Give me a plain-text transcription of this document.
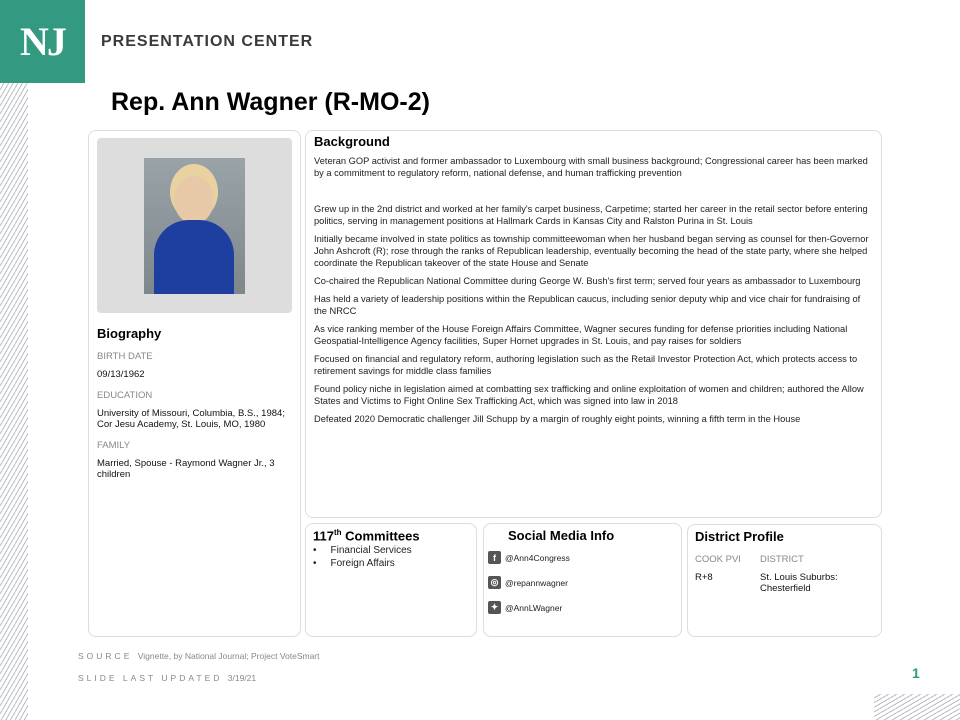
NJ	PRESENTATION CENTER
Rep. Ann Wagner (R-MO-2)
Biography
BIRTH DATE
09/13/1962
EDUCATION
University of Missouri, Columbia, B.S., 1984; Cor Jesu Academy, St. Louis, MO, 1980
FAMILY
Married, Spouse - Raymond Wagner Jr., 3 children
Background

Veteran GOP activist and former ambassador to Luxembourg with small business background; Congressional career has been marked by a commitment to regulatory reform, national defense, and human trafficking prevention

Grew up in the 2nd district and worked at her family's carpet business, Carpetime; started her career in the retail sector before entering politics, serving in management positions at Hallmark Cards in Kansas City and Ralston Purina in St. Louis

Initially became involved in state politics as township committeewoman when her husband began serving as counsel for then-Governor John Ashcroft (R); rose through the ranks of Republican leadership, eventually becoming the head of the state party, where she helped coordinate the Republican takeover of the state House and Senate

Co-chaired the Republican National Committee during George W. Bush's first term; served four years as ambassador to Luxembourg

Has held a variety of leadership positions within the Republican caucus, including senior deputy whip and vice chair for fundraising of the NRCC

As vice ranking member of the House Foreign Affairs Committee, Wagner secures funding for defense priorities including National Geospatial-Intelligence Agency facilities, Super Hornet upgrades in St. Louis, and pay raises for soldiers

Focused on financial and regulatory reform, authoring legislation such as the Retail Investor Protection Act, which protects access to retirement savings for middle class families

Found policy niche in legislation aimed at combatting sex trafficking and online exploitation of women and children; authored the Allow States and Victims to Fight Online Sex Trafficking Act, which was signed into law in 2018

Defeated 2020 Democratic challenger Jill Schupp by a margin of roughly eight points, winning a fifth term in the House

117th Committees
• Financial Services
• Foreign Affairs
Social Media Info
f	@Ann4Congress
◎ @repannwagner
✦ @AnnLWagner
District Profile
COOK PVI
R+8
DISTRICT
St. Louis Suburbs: Chesterfield
SOURCE Vignette, by National Journal; Project VoteSmart
SLIDE LAST UPDATED 3/19/21	1
